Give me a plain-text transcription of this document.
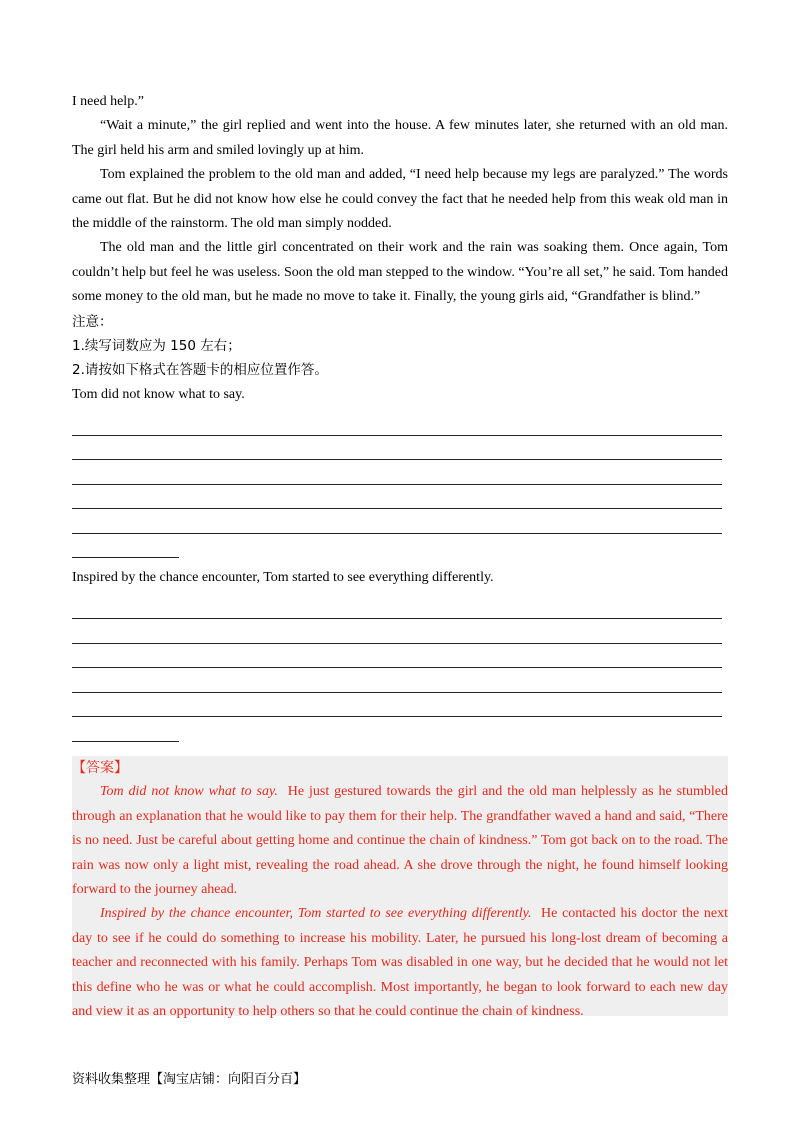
I need help.”

“Wait a minute,” the girl replied and went into the house. A few minutes later, she returned with an old man. The girl held his arm and smiled lovingly up at him.

Tom explained the problem to the old man and added, “I need help because my legs are paralyzed.” The words came out flat. But he did not know how else he could convey the fact that he needed help from this weak old man in the middle of the rainstorm. The old man simply nodded.

The old man and the little girl concentrated on their work and the rain was soaking them. Once again, Tom couldn’t help but feel he was useless. Soon the old man stepped to the window. “You’re all set,” he said. Tom handed some money to the old man, but he made no move to take it. Finally, the young girls aid, “Grandfather is blind.”

注意：

1.续写词数应为 150 左右；

2.请按如下格式在答题卡的相应位置作答。

Tom did not know what to say.

Inspired by the chance encounter, Tom started to see everything differently.

【答案】

Tom did not know what to say. He just gestured towards the girl and the old man helplessly as he stumbled through an explanation that he would like to pay them for their help. The grandfather waved a hand and said, “There is no need. Just be careful about getting home and continue the chain of kindness.” Tom got back on to the road. The rain was now only a light mist, revealing the road ahead. A she drove through the night, he found himself looking forward to the journey ahead.

Inspired by the chance encounter, Tom started to see everything differently. He contacted his doctor the next day to see if he could do something to increase his mobility. Later, he pursued his long-lost dream of becoming a teacher and reconnected with his family. Perhaps Tom was disabled in one way, but he decided that he would not let this define who he was or what he could accomplish. Most importantly, he began to look forward to each new day and view it as an opportunity to help others so that he could continue the chain of kindness.

资料收集整理【淘宝店铺：向阳百分百】
